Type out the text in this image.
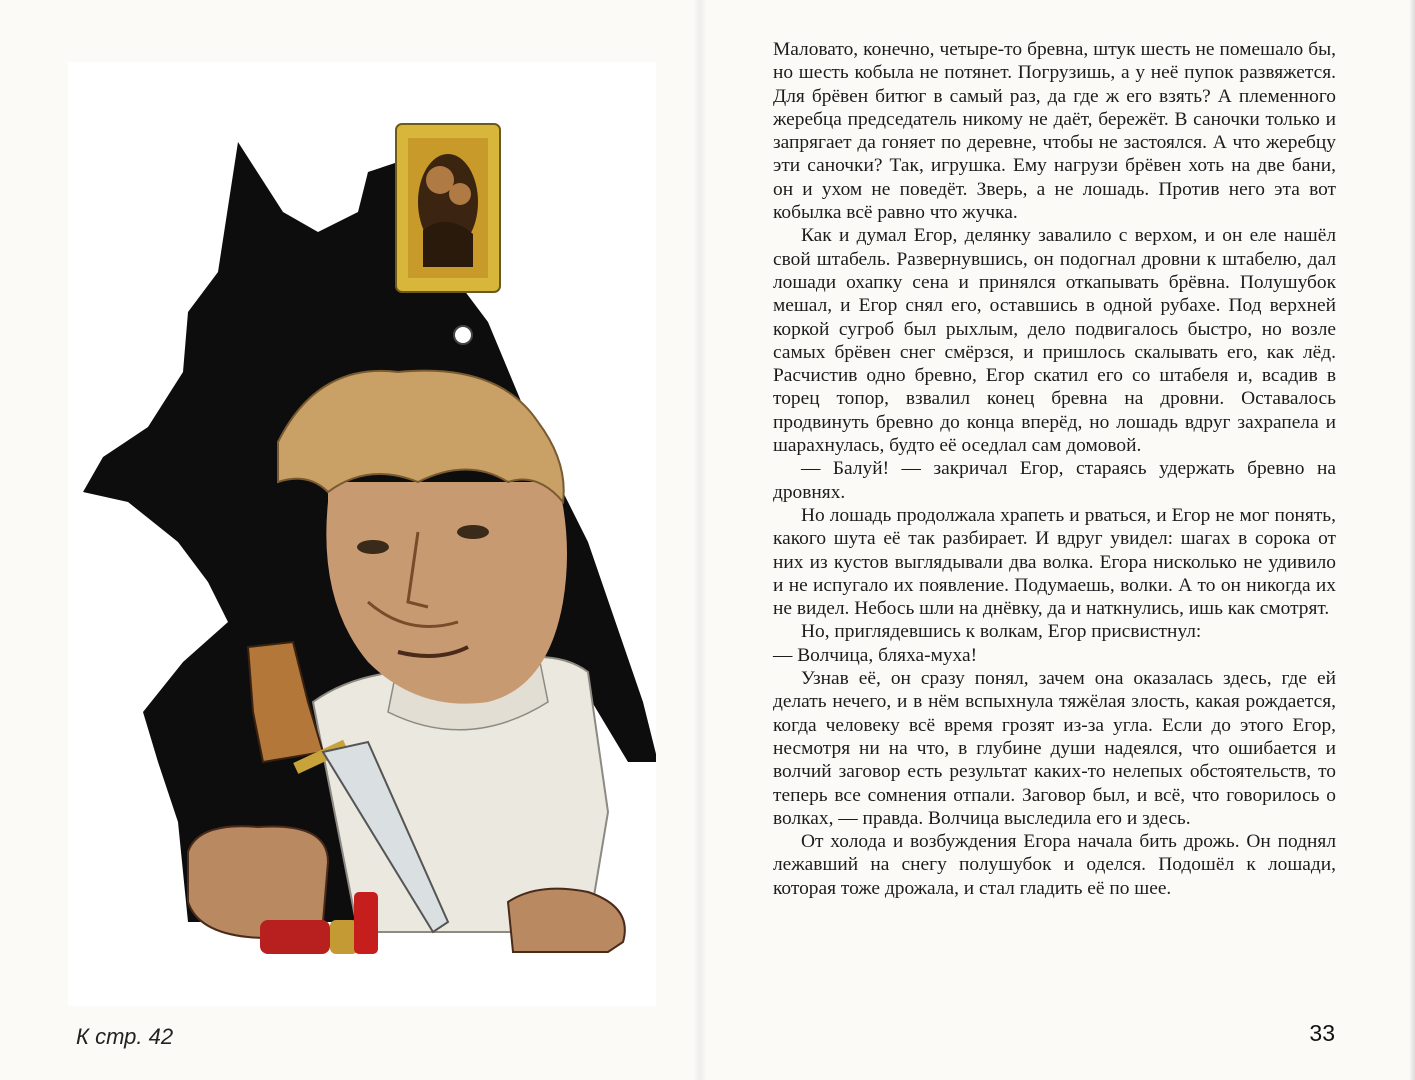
К стр. 42

Маловато, конечно, четыре-то бревна, штук шесть не помешало бы, но шесть кобыла не потянет. Погрузишь, а у неё пупок развяжется. Для брёвен битюг в самый раз, да где ж его взять? А племенного жеребца председатель никому не даёт, бережёт. В саночки только и запрягает да гоняет по деревне, чтобы не застоялся. А что жеребцу эти саночки? Так, игрушка. Ему нагрузи брёвен хоть на две бани, он и ухом не поведёт. Зверь, а не лошадь. Против него эта вот кобылка всё равно что жучка.

Как и думал Егор, делянку завалило с верхом, и он еле нашёл свой штабель. Развернувшись, он подогнал дровни к штабелю, дал лошади охапку сена и принялся откапывать брёвна. Полушубок мешал, и Егор снял его, оставшись в одной рубахе. Под верхней коркой сугроб был рыхлым, дело подвигалось быстро, но возле самых брёвен снег смёрзся, и пришлось скалывать его, как лёд. Расчистив одно бревно, Егор скатил его со штабеля и, всадив в торец топор, взвалил конец бревна на дровни. Оставалось продвинуть бревно до конца вперёд, но лошадь вдруг захрапела и шарахнулась, будто её оседлал сам домовой.

— Балуй! — закричал Егор, стараясь удержать бревно на дровнях.

Но лошадь продолжала храпеть и рваться, и Егор не мог понять, какого шута её так разбирает. И вдруг увидел: шагах в сорока от них из кустов выглядывали два волка. Егора нисколько не удивило и не испугало их появление. Подумаешь, волки. А то он никогда их не видел. Небось шли на днёвку, да и наткнулись, ишь как смотрят.

Но, приглядевшись к волкам, Егор присвистнул:

— Волчица, бляха-муха!

Узнав её, он сразу понял, зачем она оказалась здесь, где ей делать нечего, и в нём вспыхнула тяжёлая злость, какая рождается, когда человеку всё время грозят из-за угла. Если до этого Егор, несмотря ни на что, в глубине души надеялся, что ошибается и волчий заговор есть результат каких-то нелепых обстоятельств, то теперь все сомнения отпали. Заговор был, и всё, что говорилось о волках, — правда. Волчица выследила его и здесь.

От холода и возбуждения Егора начала бить дрожь. Он поднял лежавший на снегу полушубок и оделся. Подошёл к лошади, которая тоже дрожала, и стал гладить её по шее.

33
